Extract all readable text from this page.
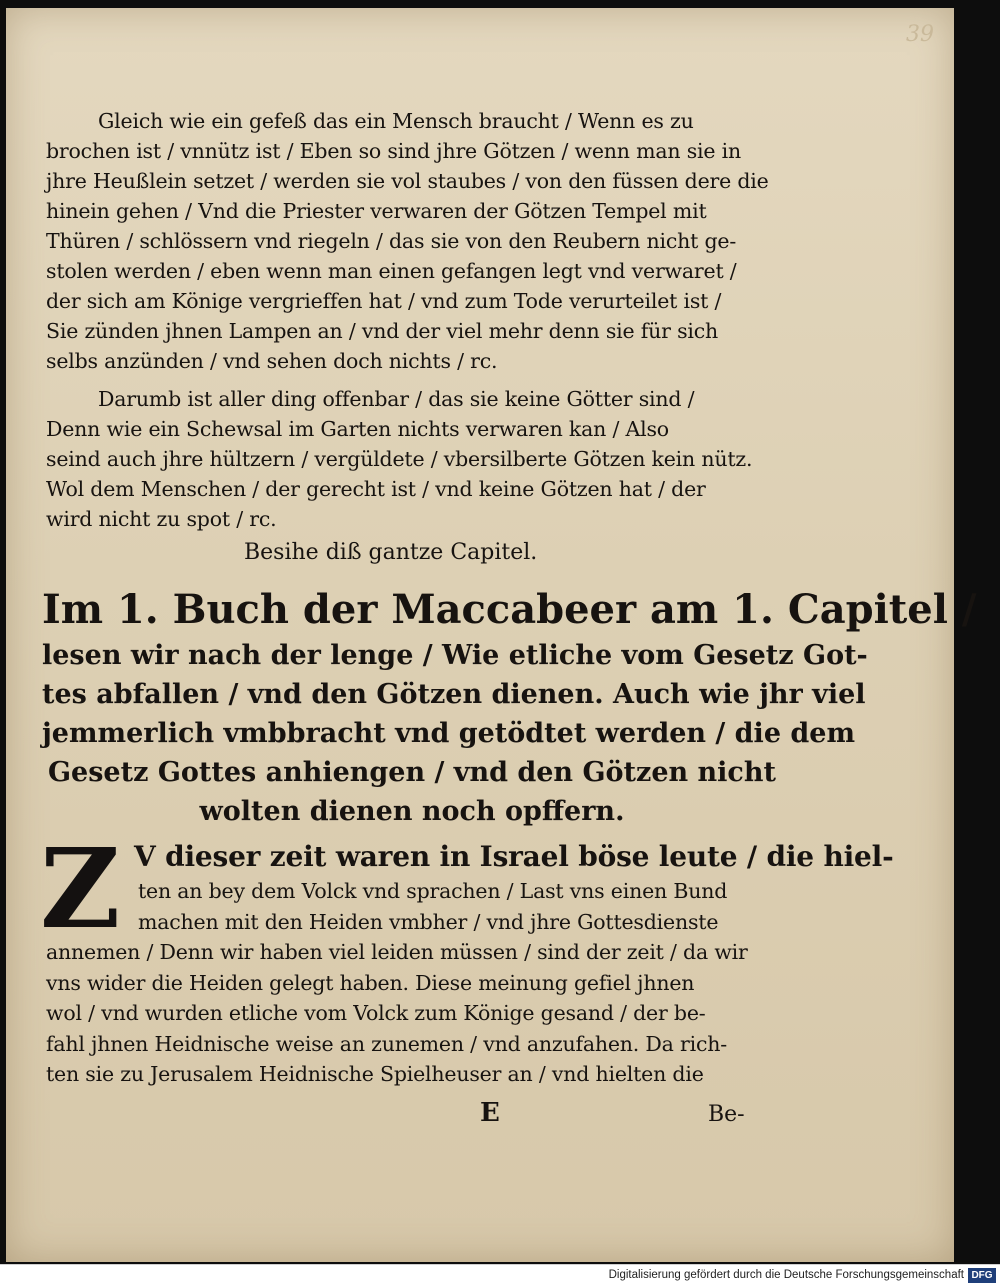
39
Gleich wie ein gefeß das ein Mensch braucht / Wenn es zu
brochen ist / vnnütz ist / Eben so sind jhre Götzen / wenn man sie in
jhre Heußlein setzet / werden sie vol staubes / von den füssen dere die
hinein gehen / Vnd die Priester verwaren der Götzen Tempel mit
Thüren / schlössern vnd riegeln / das sie von den Reubern nicht ge-
stolen werden / eben wenn man einen gefangen legt vnd verwaret /
der sich am Könige vergrieffen hat / vnd zum Tode verurteilet ist /
Sie zünden jhnen Lampen an / vnd der viel mehr denn sie für sich
selbs anzünden / vnd sehen doch nichts / rc.
Darumb ist aller ding offenbar / das sie keine Götter sind /
Denn wie ein Schewsal im Garten nichts verwaren kan / Also
seind auch jhre hültzern / vergüldete / vbersilberte Götzen kein nütz.
Wol dem Menschen / der gerecht ist / vnd keine Götzen hat / der
wird nicht zu spot / rc.
Besihe diß gantze Capitel.
Im 1. Buch der Maccabeer am 1. Capitel /
lesen wir nach der lenge / Wie etliche vom Gesetz Got-
tes abfallen / vnd den Götzen dienen. Auch wie jhr viel
jemmerlich vmbbracht vnd getödtet werden / die dem
Gesetz Gottes anhiengen / vnd den Götzen nicht
wolten dienen noch opffern.
Z V dieser zeit waren in Israel böse leute / die hiel-
ten an bey dem Volck vnd sprachen / Last vns einen Bund
machen mit den Heiden vmbher / vnd jhre Gottesdienste
annemen / Denn wir haben viel leiden müssen / sind der zeit / da wir
vns wider die Heiden gelegt haben. Diese meinung gefiel jhnen
wol / vnd wurden etliche vom Volck zum Könige gesand / der be-
fahl jhnen Heidnische weise an zunemen / vnd anzufahen. Da rich-
ten sie zu Jerusalem Heidnische Spielheuser an / vnd hielten die
E	Be-
Digitalisierung gefördert durch die Deutsche Forschungsgemeinschaft DFG
